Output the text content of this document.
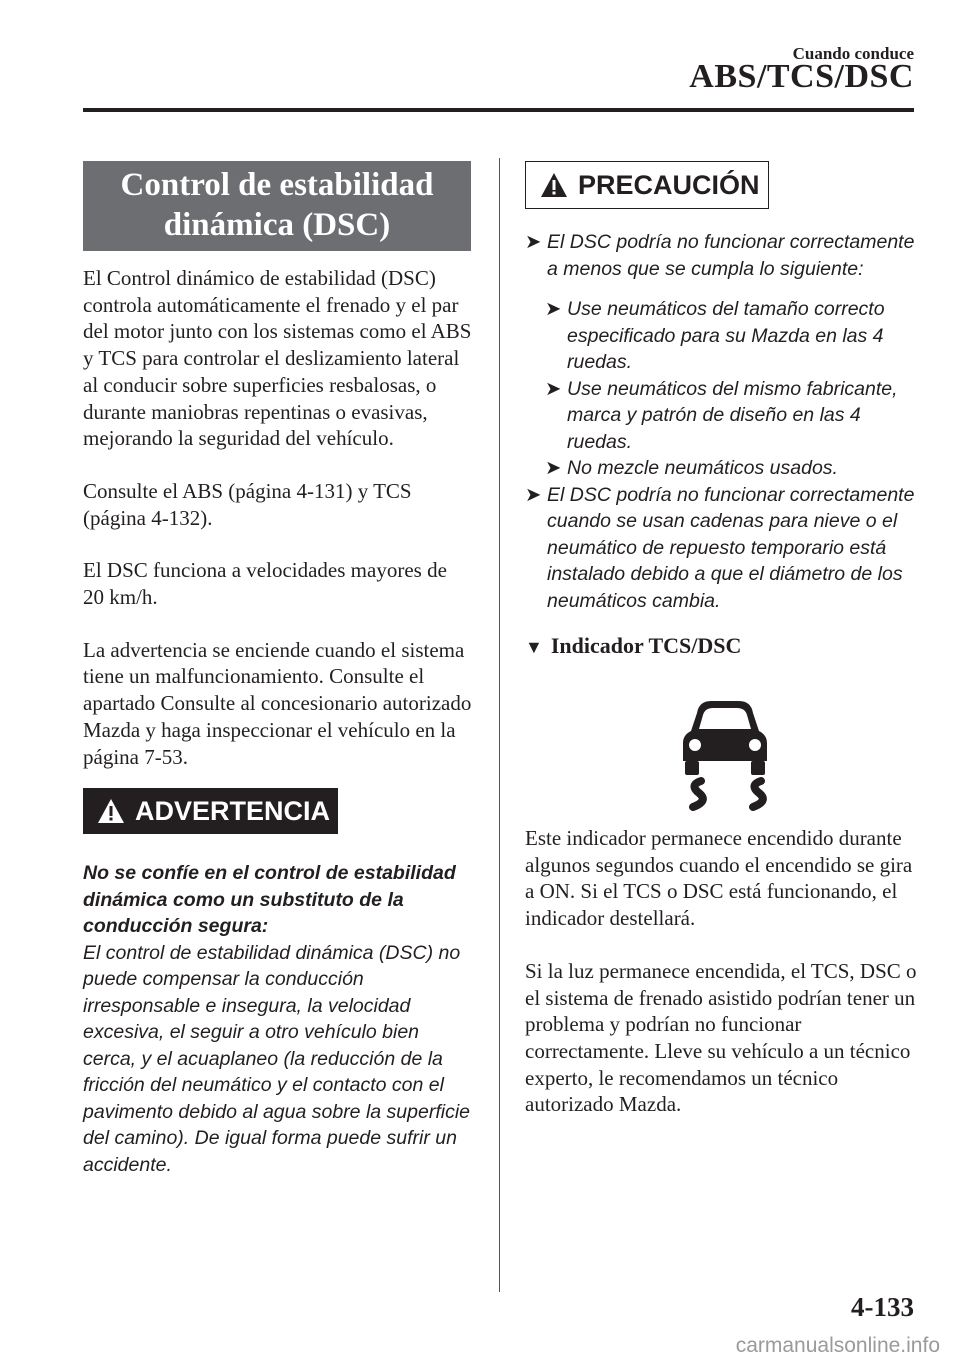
Cuando conduce
ABS/TCS/DSC
Control de estabilidad
dinámica (DSC)

El Control dinámico de estabilidad (DSC) controla automáticamente el frenado y el par del motor junto con los sistemas como el ABS y TCS para controlar el deslizamiento lateral al conducir sobre superficies resbalosas, o durante maniobras repentinas o evasivas, mejorando la seguridad del vehículo.

Consulte el ABS (página 4-131) y TCS (página 4-132).

El DSC funciona a velocidades mayores de 20 km/h.

La advertencia se enciende cuando el sistema tiene un malfuncionamiento. Consulte el apartado Consulte al concesionario autorizado Mazda y haga inspeccionar el vehículo en la página 7-53.

ADVERTENCIA

No se confíe en el control de estabilidad dinámica como un substituto de la conducción segura:

El control de estabilidad dinámica (DSC) no puede compensar la conducción irresponsable e insegura, la velocidad excesiva, el seguir a otro vehículo bien cerca, y el acuaplaneo (la reducción de la fricción del neumático y el contacto con el pavimento debido al agua sobre la superficie del camino). De igual forma puede sufrir un accidente.

PRECAUCIÓN

➤ El DSC podría no funcionar correctamente a menos que se cumpla lo siguiente:

➤ Use neumáticos del tamaño correcto especificado para su Mazda en las 4 ruedas.

➤ Use neumáticos del mismo fabricante, marca y patrón de diseño en las 4 ruedas.

➤ No mezcle neumáticos usados.

➤ El DSC podría no funcionar correctamente cuando se usan cadenas para nieve o el neumático de repuesto temporario está instalado debido a que el diámetro de los neumáticos cambia.

▼ Indicador TCS/DSC

Este indicador permanece encendido durante algunos segundos cuando el encendido se gira a ON. Si el TCS o DSC está funcionando, el indicador destellará.

Si la luz permanece encendida, el TCS, DSC o el sistema de frenado asistido podrían tener un problema y podrían no funcionar correctamente. Lleve su vehículo a un técnico experto, le recomendamos un técnico autorizado Mazda.

4-133
carmanualsonline.info
